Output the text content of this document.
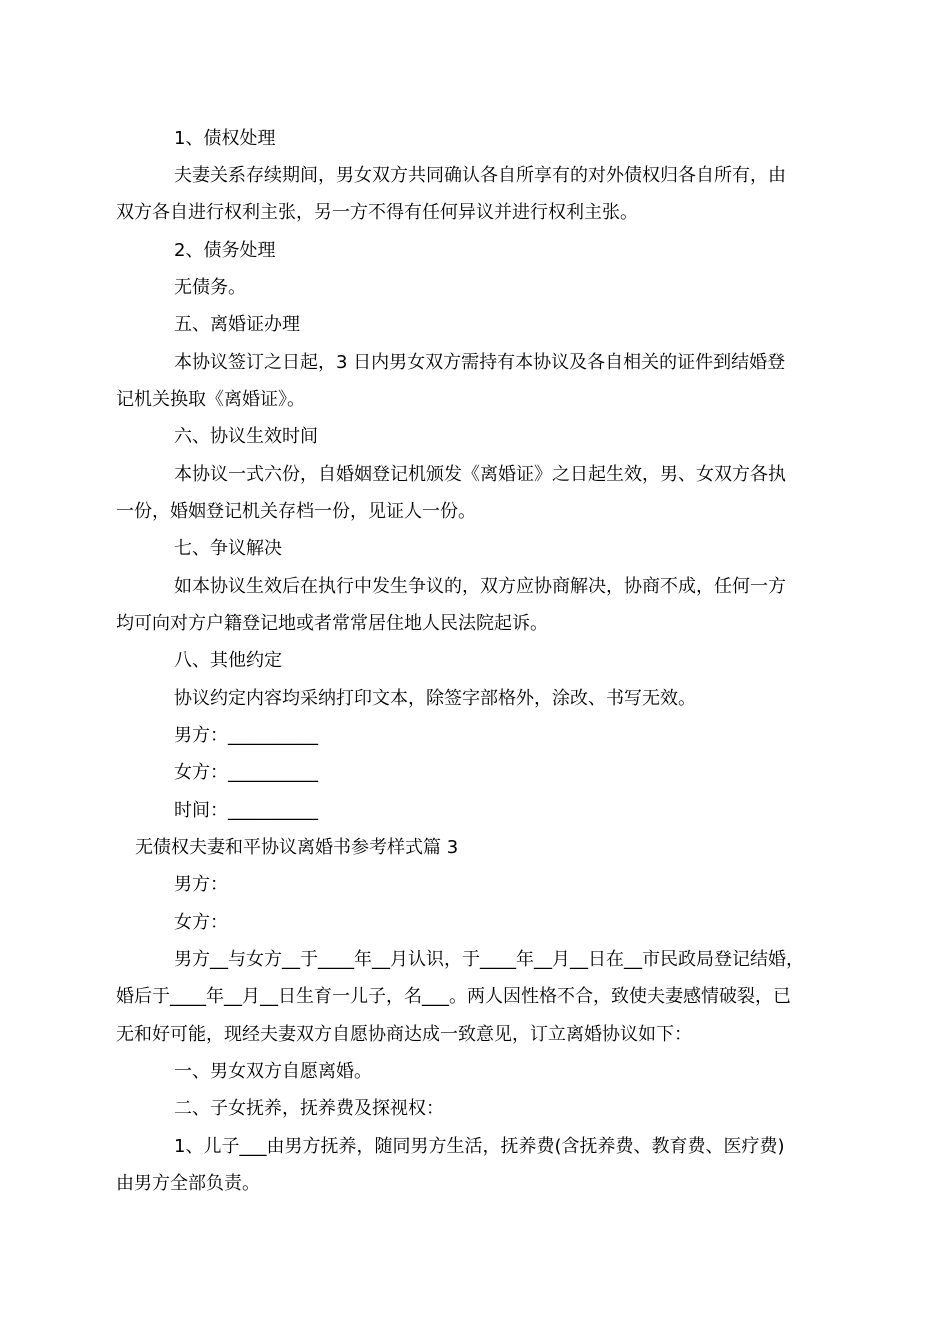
1、债权处理
夫妻关系存续期间，男女双方共同确认各自所享有的对外债权归各自所有，由
双方各自进行权利主张，另一方不得有任何异议并进行权利主张。
2、债务处理
无债务。
五、离婚证办理
本协议签订之日起，3 日内男女双方需持有本协议及各自相关的证件到结婚登
记机关换取《离婚证》。
六、协议生效时间
本协议一式六份，自婚姻登记机颁发《离婚证》之日起生效，男、女双方各执
一份，婚姻登记机关存档一份，见证人一份。
七、争议解决
如本协议生效后在执行中发生争议的，双方应协商解决，协商不成，任何一方
均可向对方户籍登记地或者常常居住地人民法院起诉。
八、其他约定
协议约定内容均采纳打印文本，除签字部格外，涂改、书写无效。
男方：__________
女方：__________
时间：__________
无债权夫妻和平协议离婚书参考样式篇 3
男方：
女方：
男方__与女方__于____年__月认识，于____年__月__日在__市民政局登记结婚，
婚后于____年__月__日生育一儿子，名___。两人因性格不合，致使夫妻感情破裂，已
无和好可能，现经夫妻双方自愿协商达成一致意见，订立离婚协议如下：
一、男女双方自愿离婚。
二、子女抚养，抚养费及探视权：
1、儿子___由男方抚养，随同男方生活，抚养费(含抚养费、教育费、医疗费)
由男方全部负责。
